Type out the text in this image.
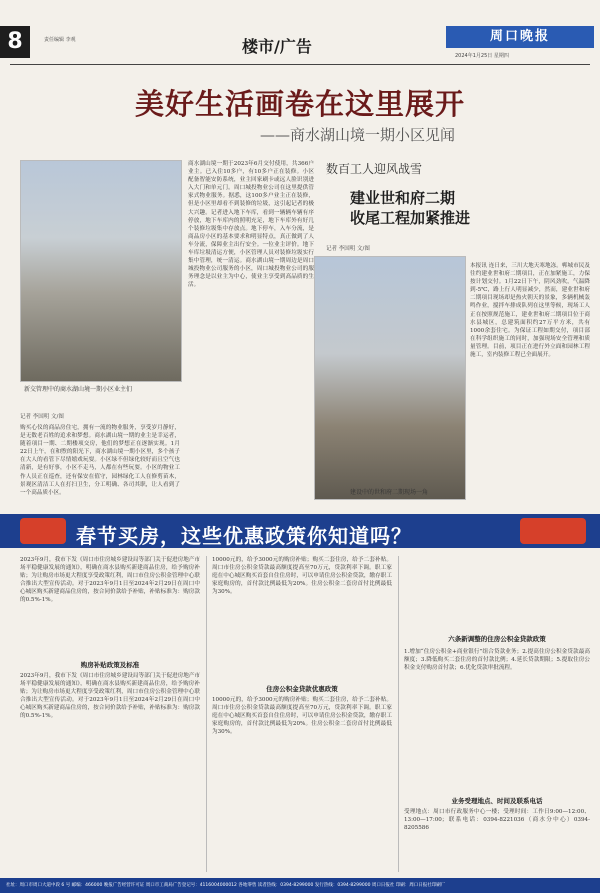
8	责任编辑 李观	楼市/广告
周口晚报
2024年1月25日 星期四
美好生活画卷在这里展开
——商水湖山境一期小区见闻
新交管理中的商水湖山境一期小区业主们
记者 李国明 文/图
购买心仪的商品房住宅，拥有一流的物业服务，享受岁月静好，是无数老百姓的追求和梦想。商水湖山境一期的业主是幸运者，随着项目一期、二期楼项交房，他们的梦想正在逐渐实现。1月22日上午，在和煦的阳光下，商水湖山境一期小区里，多个孩子在大人的看管下尽情嬉戏玩耍。小区绿不但绿化较好而且空气也清新，是有好事，小区不走马，人都在有些玩耍。小区的物业工作人员正在巡查，还有保安在值守，园林绿化工人在修剪苗木，景观区清洁工人在打扫卫生，分工明确、各司其职，让人看到了一个高品质小区。
商水湖山境一期于2023年6月交付使用，共366户业主。已入住10多户，有10多户正在装修。小区配备智能安防系统，业主回家刷卡或远人脸识别进入大门和单元门。周口城投物业公司在这里提供管家式物业服务。据悉，这100多户业主正在装修，但是小区里却看不到装修的垃圾，这引起记者的极大兴趣。记者进入地下车库，看到一辆辆车辆有序停放，地下车库内的照明充足，地下车库外有好几个装修垃圾集中存放点。地下停车，入车分流，是商品房小区的基本要求和明显特点，真正做到了人车分流，保障业主出行安全。一位业主评价。地下车库垃圾清运方便，小区管理人员对装修垃圾实行集中管理，统一清运。商水湖山境一期周边是周口城投物业公司服务的小区，周口城投物业公司的服务理念是以业主为中心，使业主享受到高品质的生活。
数百工人迎风战雪
建业世和府二期
收尾工程加紧推进
记者 李国明 文/图
建设中的世和府二期现场一角
本报讯 连日来，三川大地天寒地冻。郸城市民及往约建业世和府二期项目，正在加紧施工，力保按计划交付。1月22日下午，阴风劲吹，气温降到-5℃，路上行人明显减少，然而，建业世和府二期项目现场却是热火朝天的景象，多辆机械轰鸣作业，搅拌车排成队列在这里等候，现场工人正在按照规范施工，建业世和府二期项目位于商水县城区，总建筑面积约27万平方米，共有1000余套住宅。为保证工程如期交付，项目部在科学组织施工的同时，加强现场安全管理和质量管理。目前，项目正在进行外立面和园林工程施工，室内装修工程已全面展开。
春节买房，这些优惠政策你知道吗？
2023年9月，我市下发《周口市住房城乡建设局等部门关于促进房地产市场平稳健康发展的通知》，明确在商水县购买新建商品住房，给予购房补贴；为让购房市场更大程度享受政策红利，周口市住房公积金管理中心联合推出大型宣传活动。对于2023年9月1日至2024年2月29日在周口中心城区购买新建商品住房的，按合同价款给予补贴，补贴标准为：购房款的0.5%-1%。
购房补贴政策及标准
2023年9月，我市下发《周口市住房城乡建设局等部门关于促进房地产市场平稳健康发展的通知》，明确在商水县购买新建商品住房，给予购房补贴；为让购房市场更大程度享受政策红利，周口市住房公积金管理中心联合推出大型宣传活动。对于2023年9月1日至2024年2月29日在周口中心城区购买新建商品住房的，按合同价款给予补贴，补贴标准为：购房款的0.5%-1%。
10000元的，给予3000元的购房补贴；购买二套住房，给予二套补贴。周口市住房公积金贷款最高额度提高至70万元，贷款利率下调。职工家庭在中心城区购买首套自住住房时，可以申请住房公积金贷款，缴存职工家庭购房的，首付款比例最低为20%。住房公积金二套房首付比例最低为30%。
住房公积金贷款优惠政策
10000元的，给予3000元的购房补贴；购买二套住房，给予二套补贴。周口市住房公积金贷款最高额度提高至70万元，贷款利率下调。职工家庭在中心城区购买首套自住住房时，可以申请住房公积金贷款，缴存职工家庭购房的，首付款比例最低为20%。住房公积金二套房首付比例最低为30%。
六条新调整的住房公积金贷款政策
1.增加“住房公积金+商业银行”组合贷款业务；2.提高住房公积金贷款最高额度；3.降低购买二套住房的首付款比例；4.延长贷款期限；5.提取住房公积金支付购房首付款；6.优化贷款审批流程。
业务受理地点、时间及联系电话
受理地点：周口市行政服务中心一楼；受理时间：工作日9:00—12:00、13:00—17:00；联系电话：0394-8221036（商水分中心）0394-8205586
社址：周口市周口大道中段 6 号 邮编：466000 晚报广告经营许可证 周口市工商局广告登记号：4116004000012 各地零售 读者热线：0394-8299000 发行热线：0394-8299000 周口日报社 印刷：周口日报社印刷厂
